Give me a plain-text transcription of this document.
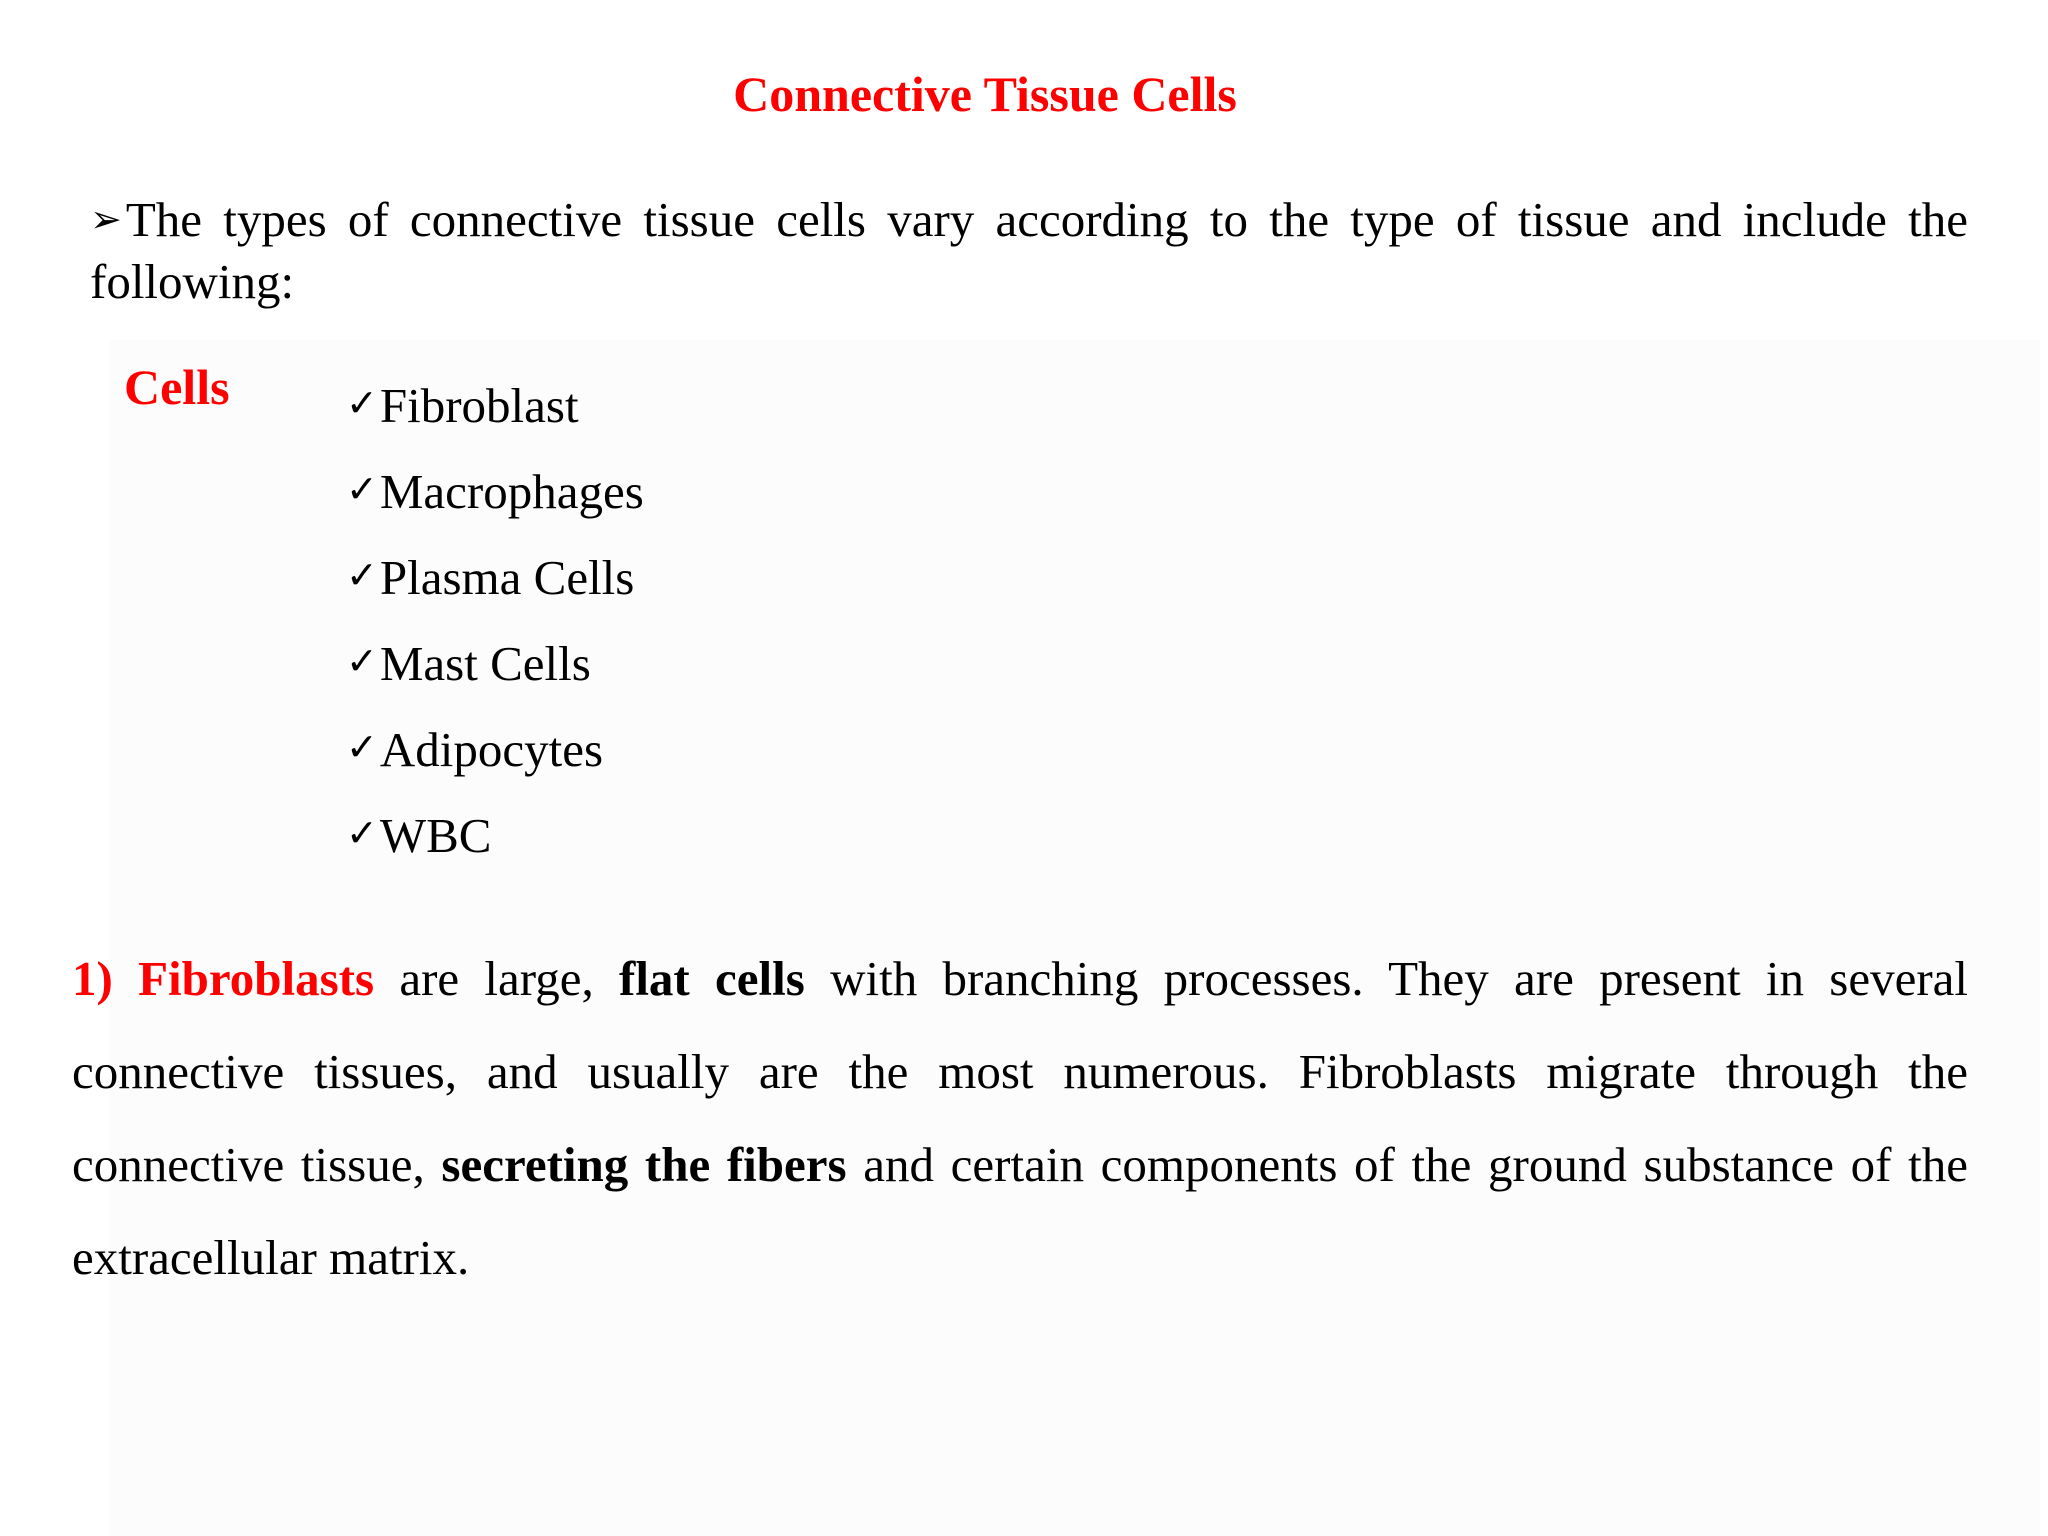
Connective Tissue Cells
➢The types of connective tissue cells vary according to the type of tissue and include the following:
Cells	✓Fibroblast
✓Macrophages
✓Plasma Cells
✓Mast Cells
✓Adipocytes
✓WBC

1) Fibroblasts are large, flat cells with branching processes. They are present in several connective tissues, and usually are the most numerous. Fibroblasts migrate through the connective tissue, secreting the fibers and certain components of the ground substance of the extracellular matrix.
